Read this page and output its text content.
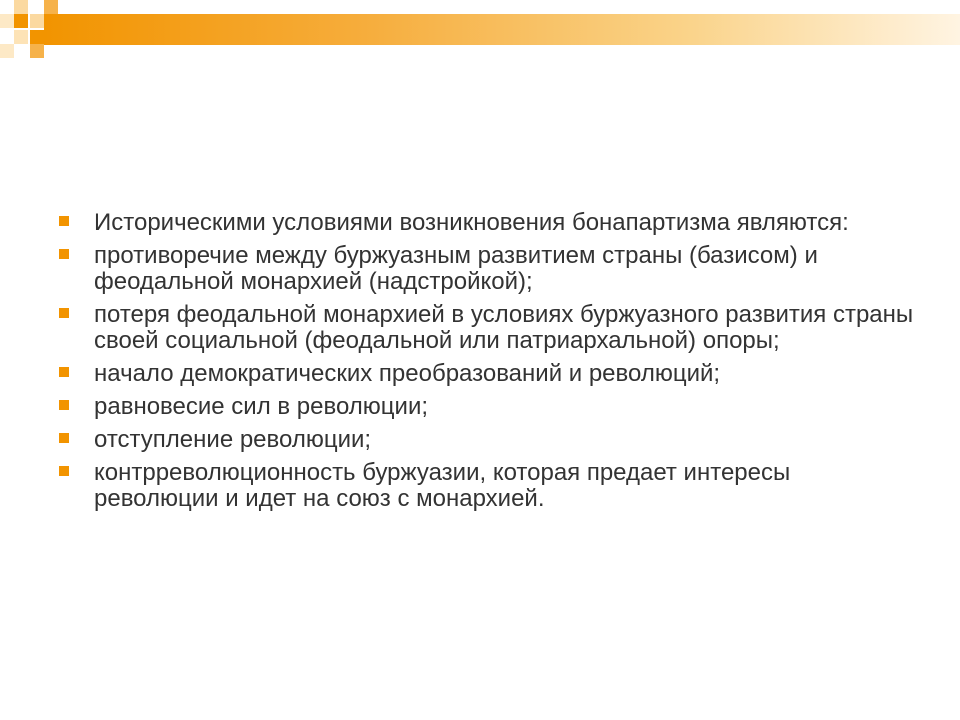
Историческими условиями возникновения бонапартизма являются:
противоречие между буржуазным развитием страны (базисом) и феодальной монархией (надстройкой);
потеря феодальной монархией в условиях буржуазного развития страны своей социальной (феодальной или патриархальной) опоры;
начало демократических преобразований и революций;
равновесие сил в революции;
отступление революции;
контрреволюционность буржуазии, которая предает интересы революции и идет на союз с монархией.
